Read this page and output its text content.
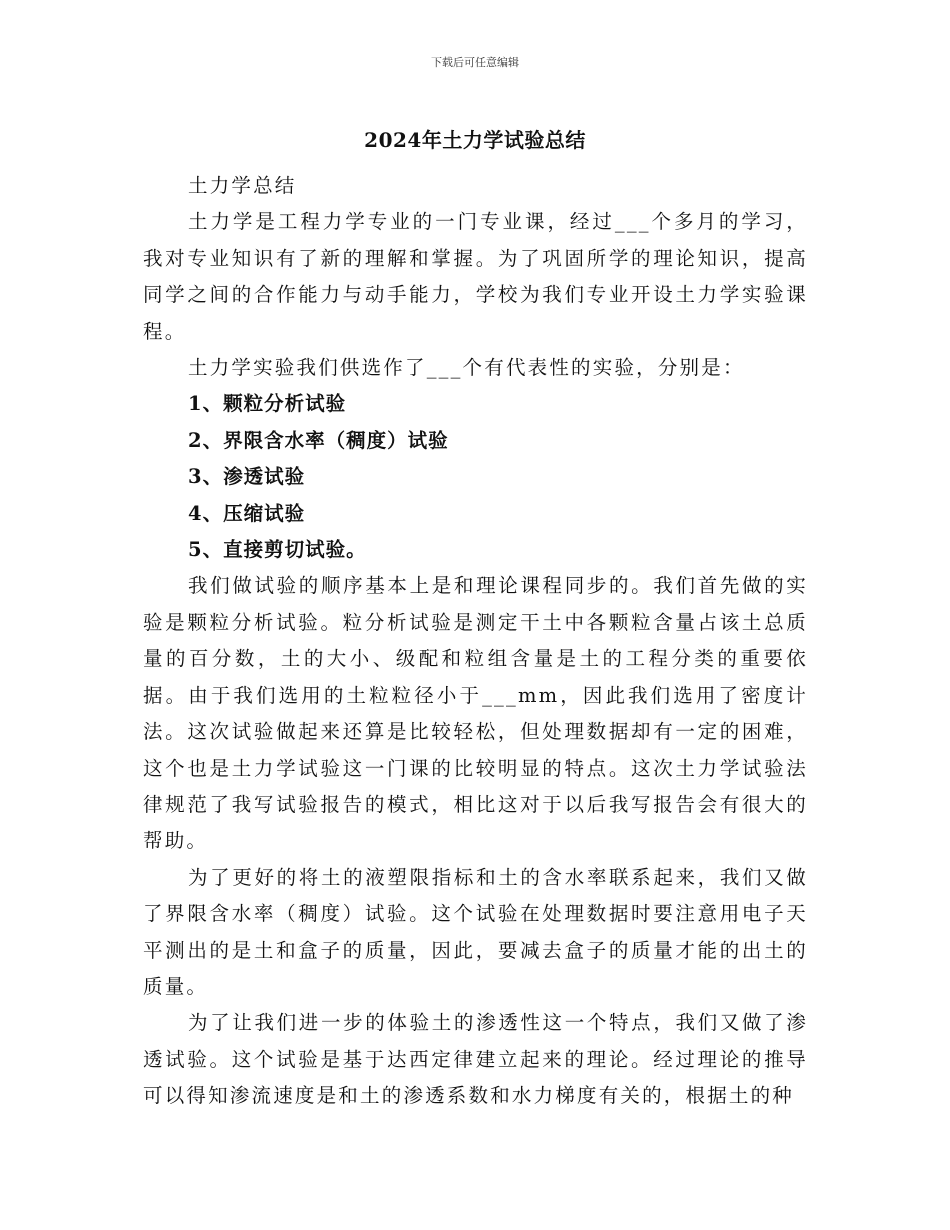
下载后可任意编辑
2024年土力学试验总结

土力学总结

土力学是工程力学专业的一门专业课，经过___个多月的学习，我对专业知识有了新的理解和掌握。为了巩固所学的理论知识，提高同学之间的合作能力与动手能力，学校为我们专业开设土力学实验课程。

土力学实验我们供选作了___个有代表性的实验，分别是：

1、颗粒分析试验

2、界限含水率（稠度）试验

3、渗透试验

4、压缩试验

5、直接剪切试验。

我们做试验的顺序基本上是和理论课程同步的。我们首先做的实验是颗粒分析试验。粒分析试验是测定干土中各颗粒含量占该土总质量的百分数，土的大小、级配和粒组含量是土的工程分类的重要依据。由于我们选用的土粒粒径小于___mm，因此我们选用了密度计法。这次试验做起来还算是比较轻松，但处理数据却有一定的困难，这个也是土力学试验这一门课的比较明显的特点。这次土力学试验法律规范了我写试验报告的模式，相比这对于以后我写报告会有很大的帮助。

为了更好的将土的液塑限指标和土的含水率联系起来，我们又做了界限含水率（稠度）试验。这个试验在处理数据时要注意用电子天平测出的是土和盒子的质量，因此，要减去盒子的质量才能的出土的质量。

为了让我们进一步的体验土的渗透性这一个特点，我们又做了渗透试验。这个试验是基于达西定律建立起来的理论。经过理论的推导可以得知渗流速度是和土的渗透系数和水力梯度有关的，根据土的种
